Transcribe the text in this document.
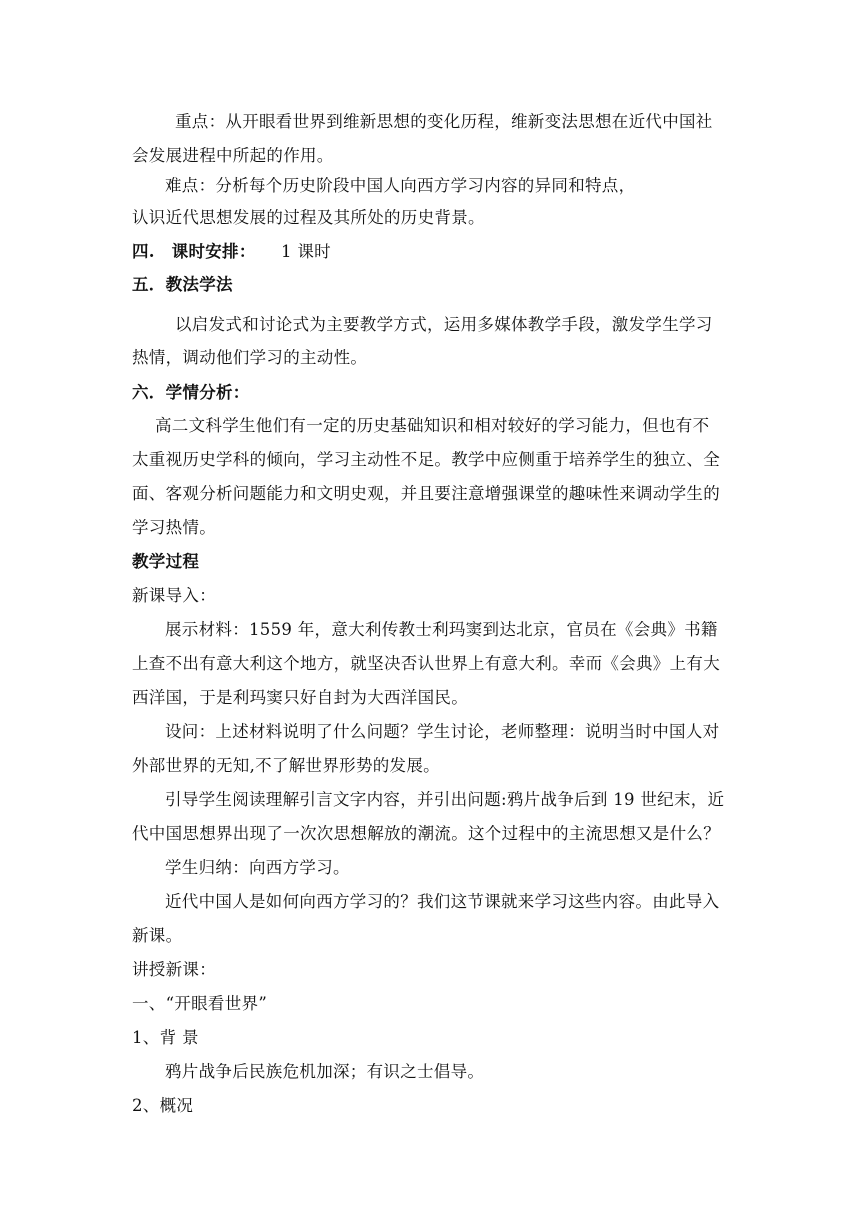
重点：从开眼看世界到维新思想的变化历程，维新变法思想在近代中国社
会发展进程中所起的作用。
难点：分析每个历史阶段中国人向西方学习内容的异同和特点，
认识近代思想发展的过程及其所处的历史背景。
四.　课时安排： 1 课时
五．教法学法
以启发式和讨论式为主要教学方式，运用多媒体教学手段，激发学生学习
热情，调动他们学习的主动性。
六．学情分析：
高二文科学生他们有一定的历史基础知识和相对较好的学习能力，但也有不
太重视历史学科的倾向，学习主动性不足。教学中应侧重于培养学生的独立、全
面、客观分析问题能力和文明史观，并且要注意增强课堂的趣味性来调动学生的
学习热情。
教学过程
新课导入：
展示材料：1559 年，意大利传教士利玛窦到达北京，官员在《会典》书籍
上查不出有意大利这个地方，就坚决否认世界上有意大利。幸而《会典》上有大
西洋国，于是利玛窦只好自封为大西洋国民。
设问：上述材料说明了什么问题？学生讨论，老师整理：说明当时中国人对
外部世界的无知,不了解世界形势的发展。
引导学生阅读理解引言文字内容，并引出问题:鸦片战争后到 19 世纪末，近
代中国思想界出现了一次次思想解放的潮流。这个过程中的主流思想又是什么？
学生归纳：向西方学习。
近代中国人是如何向西方学习的？我们这节课就来学习这些内容。由此导入
新课。
讲授新课：
一、“开眼看世界”
1、背 景
鸦片战争后民族危机加深；有识之士倡导。
2、概况
